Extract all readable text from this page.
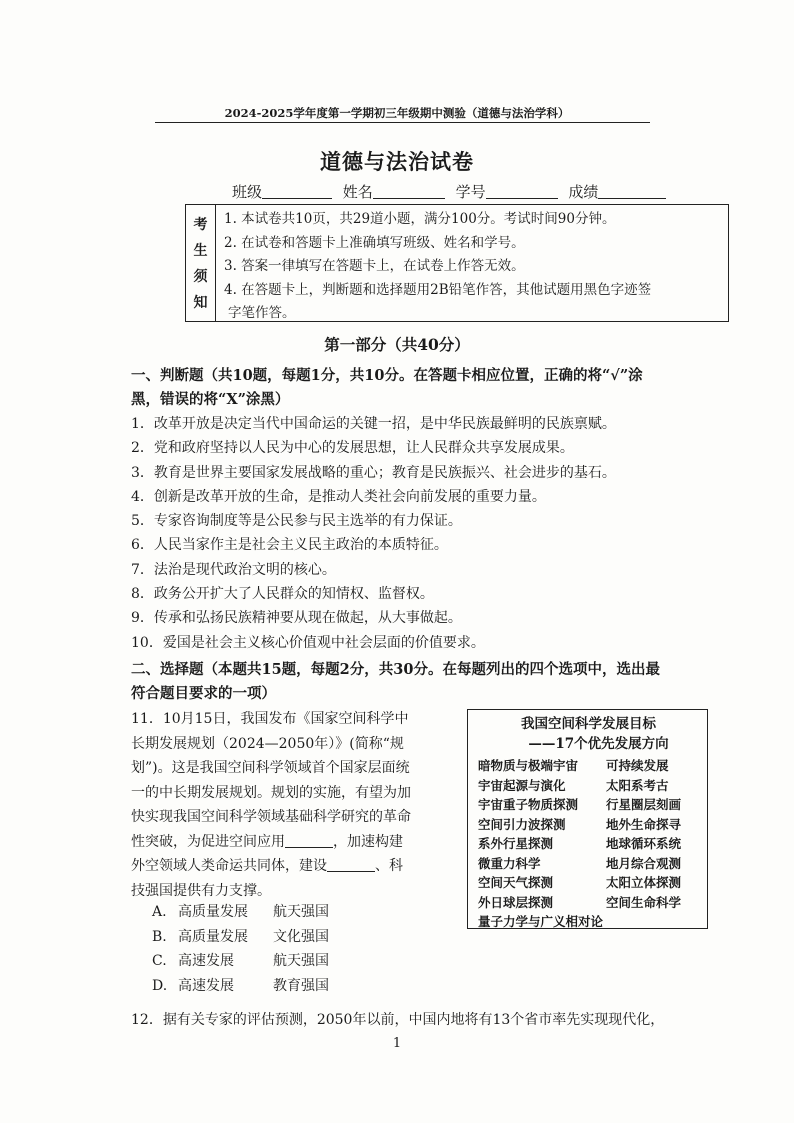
2024-2025学年度第一学期初三年级期中测验（道德与法治学科）
道德与法治试卷
班级	姓名	学号	成绩
考
生
须
知
1. 本试卷共10页，共29道小题，满分100分。考试时间90分钟。
2. 在试卷和答题卡上准确填写班级、姓名和学号。
3. 答案一律填写在答题卡上，在试卷上作答无效。
4. 在答题卡上，判断题和选择题用2B铅笔作答，其他试题用黑色字迹签
字笔作答。
第一部分（共40分）
一、判断题（共10题，每题1分，共10分。在答题卡相应位置，正确的将“√”涂
黑，错误的将“X”涂黑）
1．改革开放是决定当代中国命运的关键一招，是中华民族最鲜明的民族禀赋。
2．党和政府坚持以人民为中心的发展思想，让人民群众共享发展成果。
3．教育是世界主要国家发展战略的重心；教育是民族振兴、社会进步的基石。
4．创新是改革开放的生命，是推动人类社会向前发展的重要力量。
5．专家咨询制度等是公民参与民主选举的有力保证。
6．人民当家作主是社会主义民主政治的本质特征。
7．法治是现代政治文明的核心。
8．政务公开扩大了人民群众的知情权、监督权。
9．传承和弘扬民族精神要从现在做起，从大事做起。
10．爱国是社会主义核心价值观中社会层面的价值要求。
二、选择题（本题共15题，每题2分，共30分。在每题列出的四个选项中，选出最
符合题目要求的一项）
11．10月15日，我国发布《国家空间科学中
长期发展规划（2024—2050年）》(简称“规
划”)。这是我国空间科学领域首个国家层面统
一的中长期发展规划。规划的实施，有望为加
快实现我国空间科学领域基础科学研究的革命
性突破，为促进空间应用	，加速构建
外空领域人类命运共同体，建设	、科
技强国提供有力支撑。
A. 高质量发展	航天强国
B. 高质量发展	文化强国
C. 高速发展	航天强国
D. 高速发展	教育强国
我国空间科学发展目标
——17个优先发展方向
暗物质与极端宇宙	可持续发展
宇宙起源与演化	太阳系考古
宇宙重子物质探测	行星圈层刻画
空间引力波探测	地外生命探寻
系外行星探测	地球循环系统
微重力科学	地月综合观测
空间天气探测	太阳立体探测
外日球层探测	空间生命科学
量子力学与广义相对论
12．据有关专家的评估预测，2050年以前，中国内地将有13个省市率先实现现代化，
1
